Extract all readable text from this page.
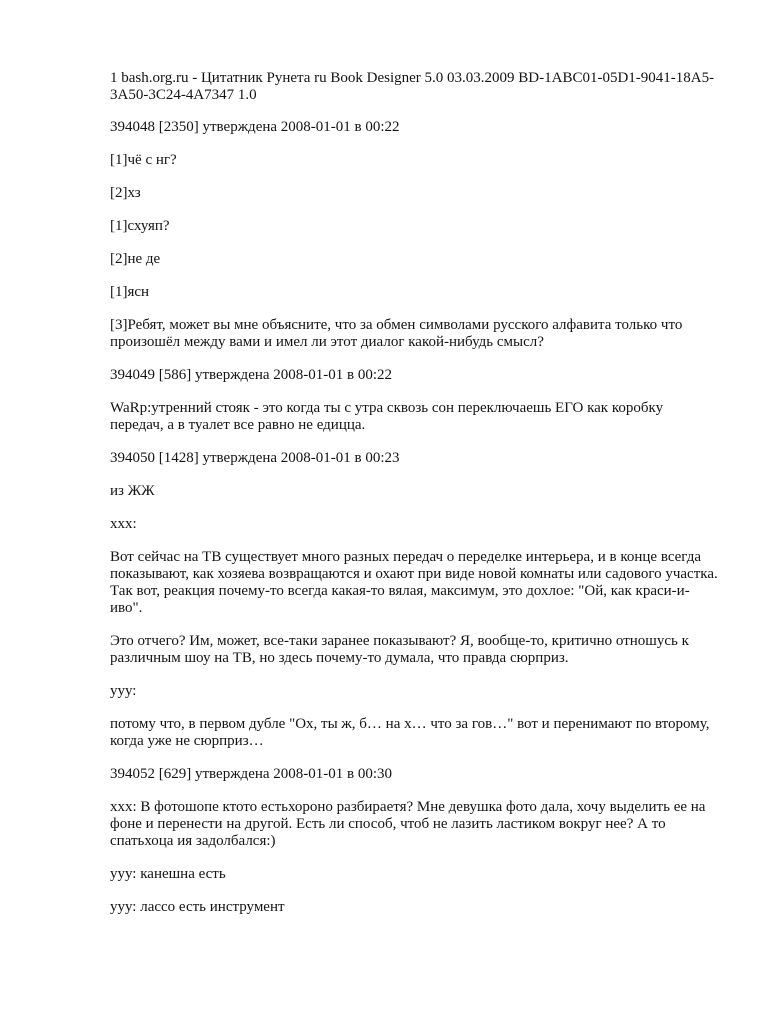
1 bash.org.ru - Цитатник Рунета ru Book Designer 5.0 03.03.2009 BD-1ABC01-05D1-9041-18A5-3A50-3C24-4A7347 1.0
394048 [2350] утверждена 2008-01-01 в 00:22
[1]чё с нг?
[2]хз
[1]схуяп?
[2]не де
[1]ясн
[3]Ребят, может вы мне объясните, что за обмен символами русского алфавита только что произошёл между вами и имел ли этот диалог какой-нибудь смысл?
394049 [586] утверждена 2008-01-01 в 00:22
WaRp:утренний стояк - это когда ты с утра сквозь сон переключаешь ЕГО как коробку передач, а в туалет все равно не едицца.
394050 [1428] утверждена 2008-01-01 в 00:23
из ЖЖ
ххх:
Вот сейчас на ТВ существует много разных передач о переделке интерьера, и в конце всегда показывают, как хозяева возвращаются и охают при виде новой комнаты или садового участка. Так вот, реакция почему-то всегда какая-то вялая, максимум, это дохлое: "Ой, как краси-и-иво".
Это отчего? Им, может, все-таки заранее показывают? Я, вообще-то, критично отношусь к различным шоу на ТВ, но здесь почему-то думала, что правда сюрприз.
ууу:
потому что, в первом дубле "Ох, ты ж, б… на х… что за гов…" вот и перенимают по второму, когда уже не сюрприз…
394052 [629] утверждена 2008-01-01 в 00:30
ххх: В фотошопе ктото естьхороно разбираетя? Мне девушка фото дала, хочу выделить ее на фоне и перенести на другой. Есть ли способ, чтоб не лазить ластиком вокруг нее? А то спатьхоца ия задолбался:)
ууу: канешна есть
ууу: лассо есть инструмент
